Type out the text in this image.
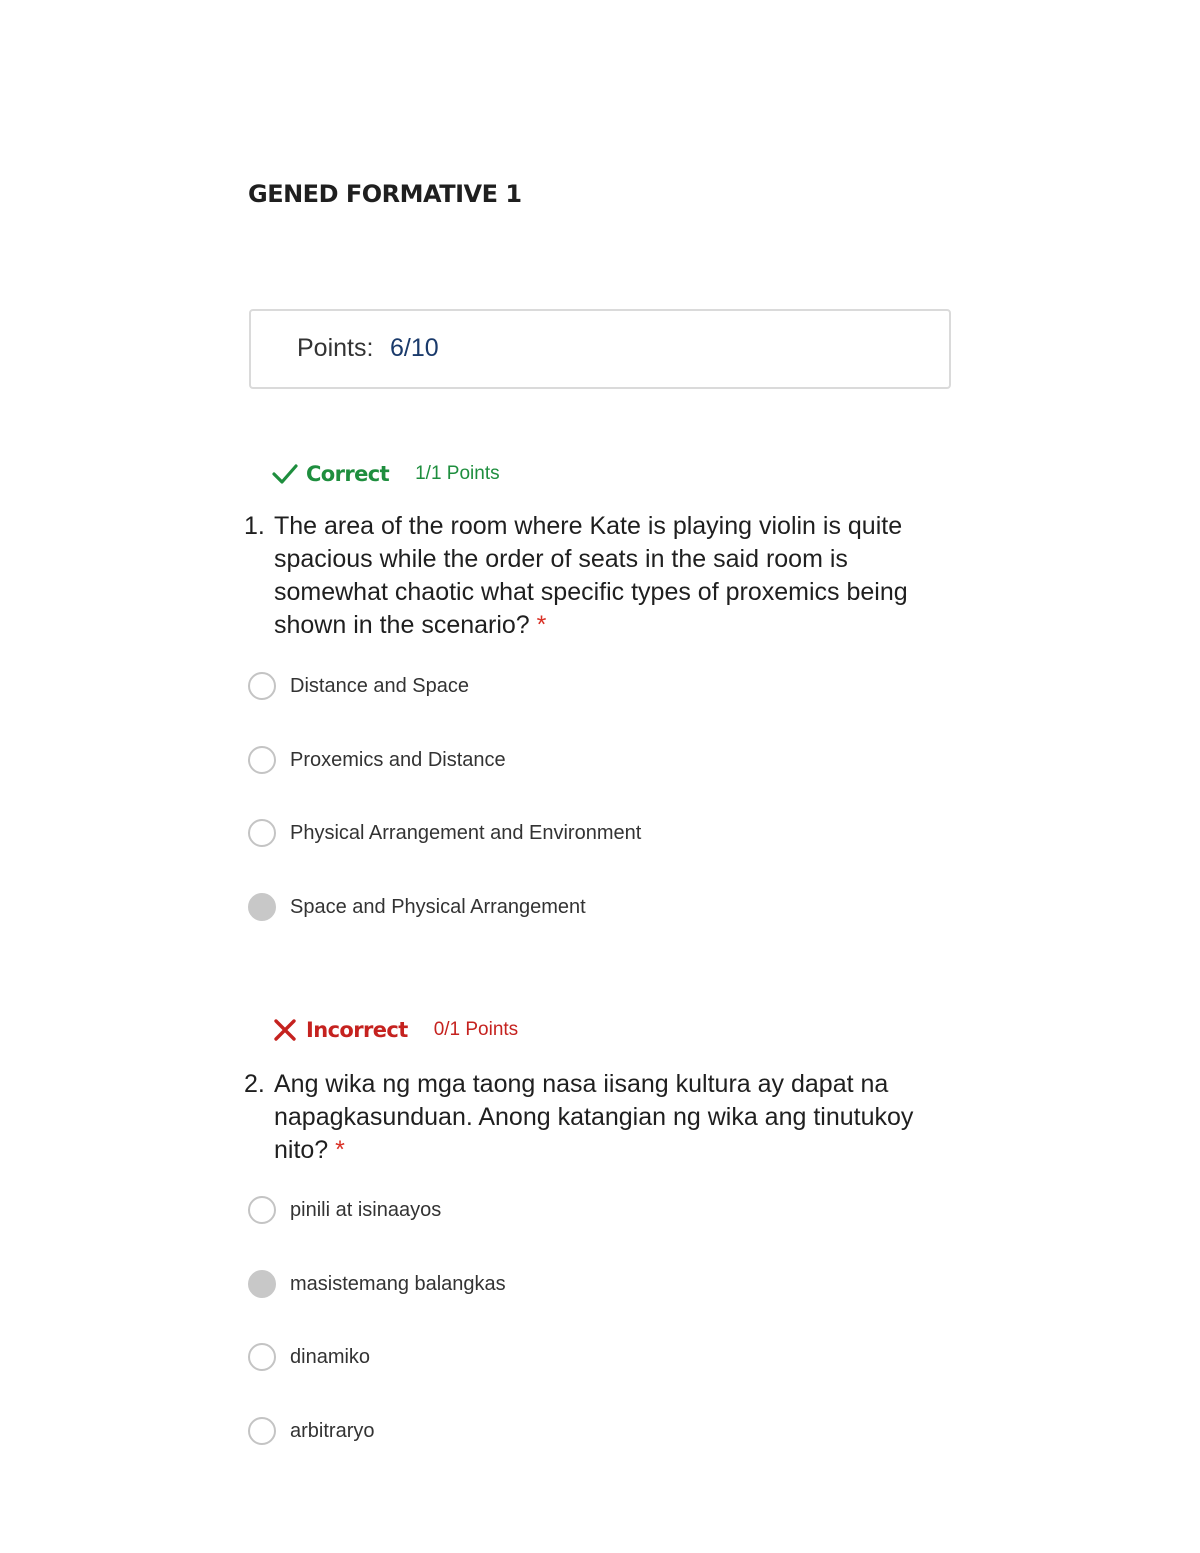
GENED FORMATIVE 1
Points: 6/10
Correct 1/1 Points
1. The area of the room where Kate is playing violin is quite spacious while the order of seats in the said room is somewhat chaotic what specific types of proxemics being shown in the scenario? *
Distance and Space
Proxemics and Distance
Physical Arrangement and Environment
Space and Physical Arrangement
Incorrect 0/1 Points
2. Ang wika ng mga taong nasa iisang kultura ay dapat na napagkasunduan. Anong katangian ng wika ang tinutukoy nito? *
pinili at isinaayos
masistemang balangkas
dinamiko
arbitraryo
